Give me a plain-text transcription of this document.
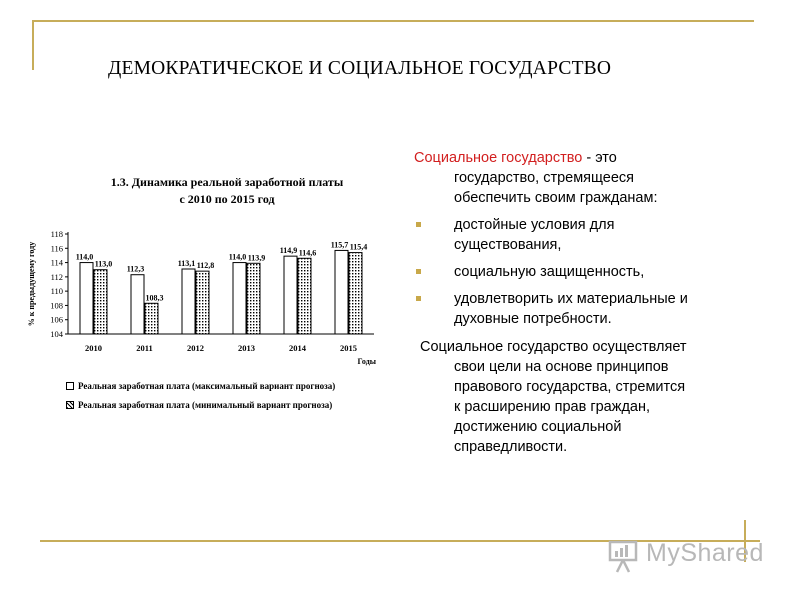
ДЕМОКРАТИЧЕСКОЕ И СОЦИАЛЬНОЕ ГОСУДАРСТВО
1.3. Динамика реальной заработной платы
с 2010 по 2015 год
104
106
108
110
112
114
116
118
% к предыдущему году	114,0
113,0
2010
112,3
108,3
2011
113,1 112,8
2012
114,0 113,9
2013
114,9 114,6
2014
115,7 115,4
2015
Годы
Реальная заработная плата (максимальный вариант прогноза)
Реальная заработная плата (минимальный вариант прогноза)
Социальное государство - это
государство, стремящееся
обеспечить своим гражданам:
достойные условия для
существования,
социальную защищенность,
удовлетворить их материальные и
духовные потребности.
Социальное государство осуществляет
свои цели на основе принципов
правового государства, стремится
к расширению прав граждан,
достижению социальной
справедливости.
MyShared
